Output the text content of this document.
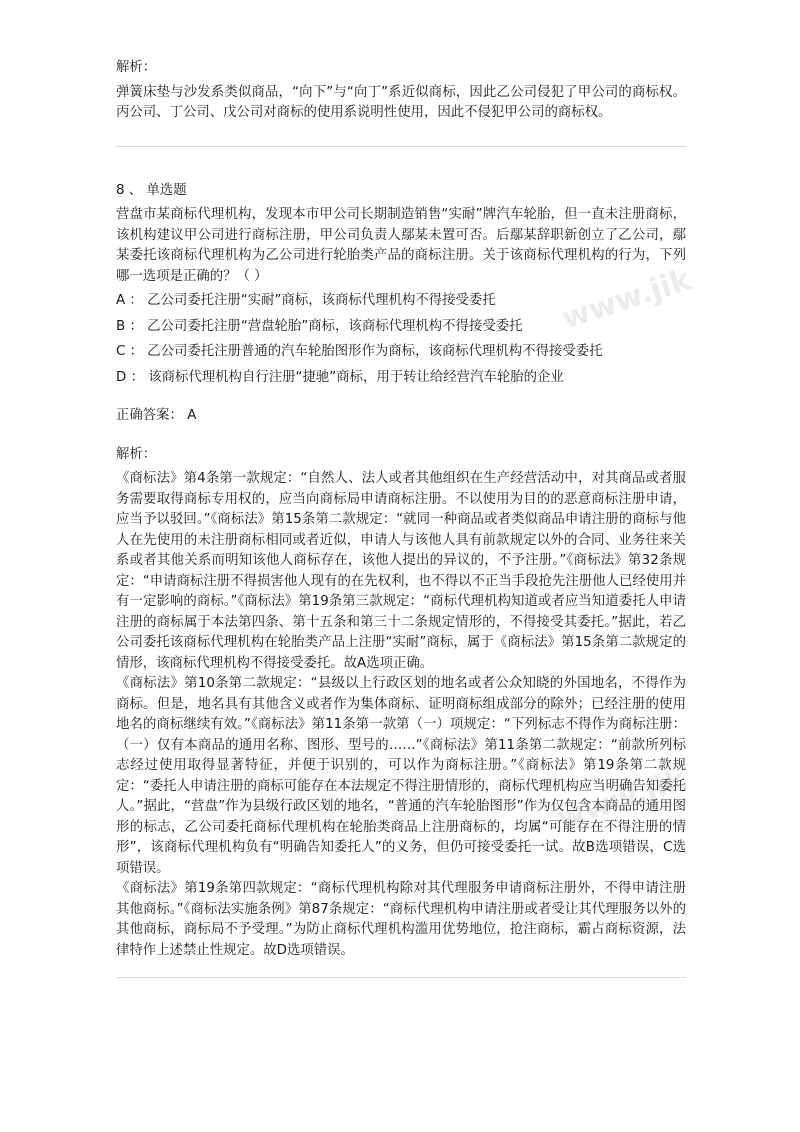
解析：

弹簧床垫与沙发系类似商品，“向下”与“向丁”系近似商标，因此乙公司侵犯了甲公司的商标权。丙公司、丁公司、戊公司对商标的使用系说明性使用，因此不侵犯甲公司的商标权。

8 、 单选题

营盘市某商标代理机构，发现本市甲公司长期制造销售“实耐”牌汽车轮胎，但一直未注册商标，该机构建议甲公司进行商标注册，甲公司负责人鄢某未置可否。后鄢某辞职新创立了乙公司，鄢某委托该商标代理机构为乙公司进行轮胎类产品的商标注册。关于该商标代理机构的行为，下列哪一选项是正确的？（ ）

A ： 乙公司委托注册“实耐”商标，该商标代理机构不得接受委托

B ： 乙公司委托注册“营盘轮胎”商标，该商标代理机构不得接受委托

C ： 乙公司委托注册普通的汽车轮胎图形作为商标，该商标代理机构不得接受委托

D ： 该商标代理机构自行注册“捷驰”商标，用于转让给经营汽车轮胎的企业

正确答案： A

解析：

《商标法》第4条第一款规定：“自然人、法人或者其他组织在生产经营活动中，对其商品或者服务需要取得商标专用权的，应当向商标局申请商标注册。不以使用为目的的恶意商标注册申请，应当予以驳回。”《商标法》第15条第二款规定：“就同一种商品或者类似商品申请注册的商标与他人在先使用的未注册商标相同或者近似，申请人与该他人具有前款规定以外的合同、业务往来关系或者其他关系而明知该他人商标存在，该他人提出的异议的，不予注册。”《商标法》第32条规定：“申请商标注册不得损害他人现有的在先权利，也不得以不正当手段抢先注册他人已经使用并有一定影响的商标。”《商标法》第19条第三款规定：“商标代理机构知道或者应当知道委托人申请注册的商标属于本法第四条、第十五条和第三十二条规定情形的，不得接受其委托。”据此，若乙公司委托该商标代理机构在轮胎类产品上注册“实耐”商标，属于《商标法》第15条第二款规定的情形，该商标代理机构不得接受委托。故A选项正确。

《商标法》第10条第二款规定：“县级以上行政区划的地名或者公众知晓的外国地名，不得作为商标。但是，地名具有其他含义或者作为集体商标、证明商标组成部分的除外；已经注册的使用地名的商标继续有效。”《商标法》第11条第一款第（一）项规定：“下列标志不得作为商标注册：（一）仅有本商品的通用名称、图形、型号的……”《商标法》第11条第二款规定：“前款所列标志经过使用取得显著特征，并便于识别的，可以作为商标注册。”《商标法》第19条第二款规定：“委托人申请注册的商标可能存在本法规定不得注册情形的，商标代理机构应当明确告知委托人。”据此，“营盘”作为县级行政区划的地名，“普通的汽车轮胎图形”作为仅包含本商品的通用图形的标志，乙公司委托商标代理机构在轮胎类商品上注册商标的，均属“可能存在不得注册的情形”，该商标代理机构负有“明确告知委托人”的义务，但仍可接受委托一试。故B选项错误，C选项错误。

《商标法》第19条第四款规定：“商标代理机构除对其代理服务申请商标注册外，不得申请注册其他商标。”《商标法实施条例》第87条规定：“商标代理机构申请注册或者受让其代理服务以外的其他商标，商标局不予受理。”为防止商标代理机构滥用优势地位，抢注商标，霸占商标资源，法律特作上述禁止性规定。故D选项错误。

www.jik
www.jik
